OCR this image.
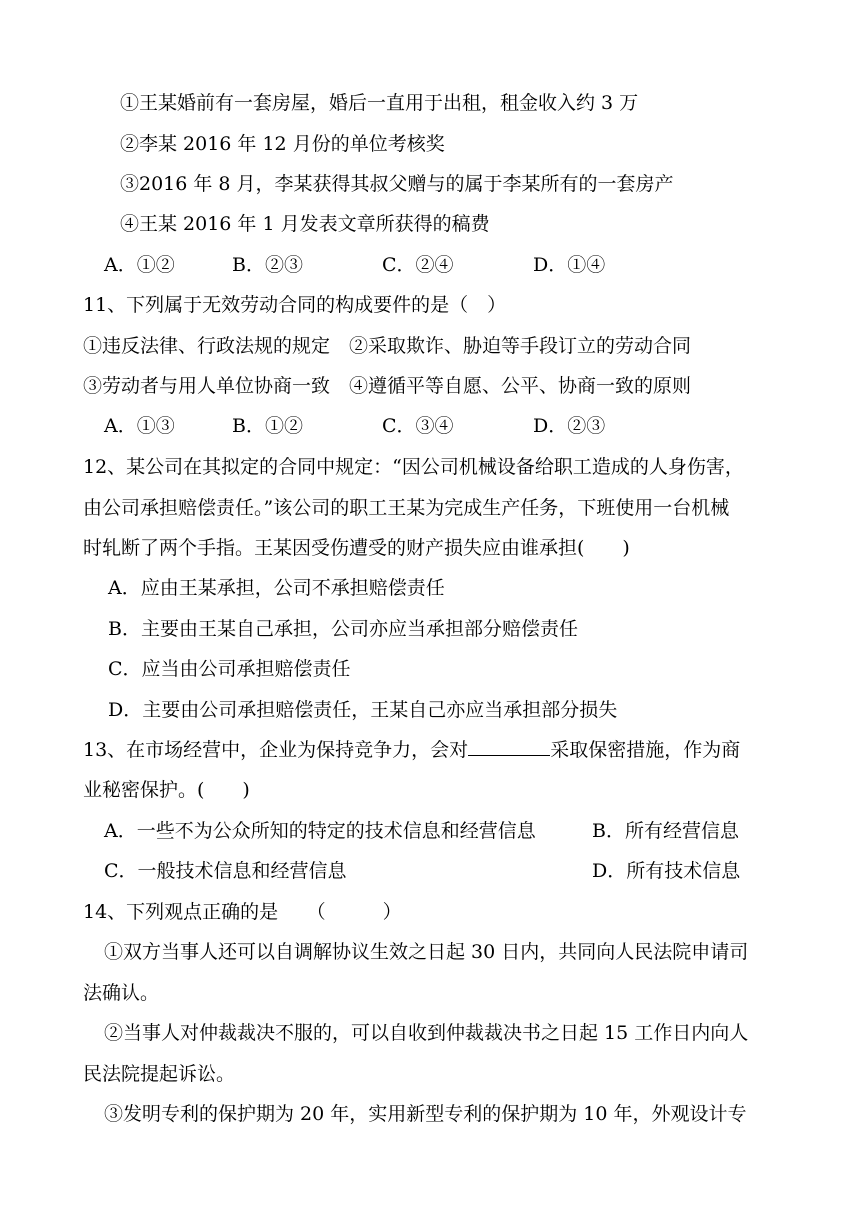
①王某婚前有一套房屋，婚后一直用于出租，租金收入约 3 万
②李某 2016 年 12 月份的单位考核奖
③2016 年 8 月，李某获得其叔父赠与的属于李某所有的一套房产
④王某 2016 年 1 月发表文章所获得的稿费
A．①②	B．②③	C．②④	D．①④
11、下列属于无效劳动合同的构成要件的是（　）
①违反法律、行政法规的规定　②采取欺诈、胁迫等手段订立的劳动合同
③劳动者与用人单位协商一致　④遵循平等自愿、公平、协商一致的原则
A．①③	B．①②	C．③④	D．②③
12、某公司在其拟定的合同中规定：“因公司机械设备给职工造成的人身伤害，
由公司承担赔偿责任。”该公司的职工王某为完成生产任务，下班使用一台机械
时轧断了两个手指。王某因受伤遭受的财产损失应由谁承担(　　)
A．应由王某承担，公司不承担赔偿责任
B．主要由王某自己承担，公司亦应当承担部分赔偿责任
C．应当由公司承担赔偿责任
D．主要由公司承担赔偿责任，王某自己亦应当承担部分损失
13、在市场经营中，企业为保持竞争力，会对	采取保密措施，作为商
业秘密保护。(　　)
A．一些不为公众所知的特定的技术信息和经营信息	B．所有经营信息
C．一般技术信息和经营信息	D．所有技术信息
14、下列观点正确的是　　（　　　）
①双方当事人还可以自调解协议生效之日起 30 日内，共同向人民法院申请司
法确认。
②当事人对仲裁裁决不服的，可以自收到仲裁裁决书之日起 15 工作日内向人
民法院提起诉讼。
③发明专利的保护期为 20 年，实用新型专利的保护期为 10 年，外观设计专
